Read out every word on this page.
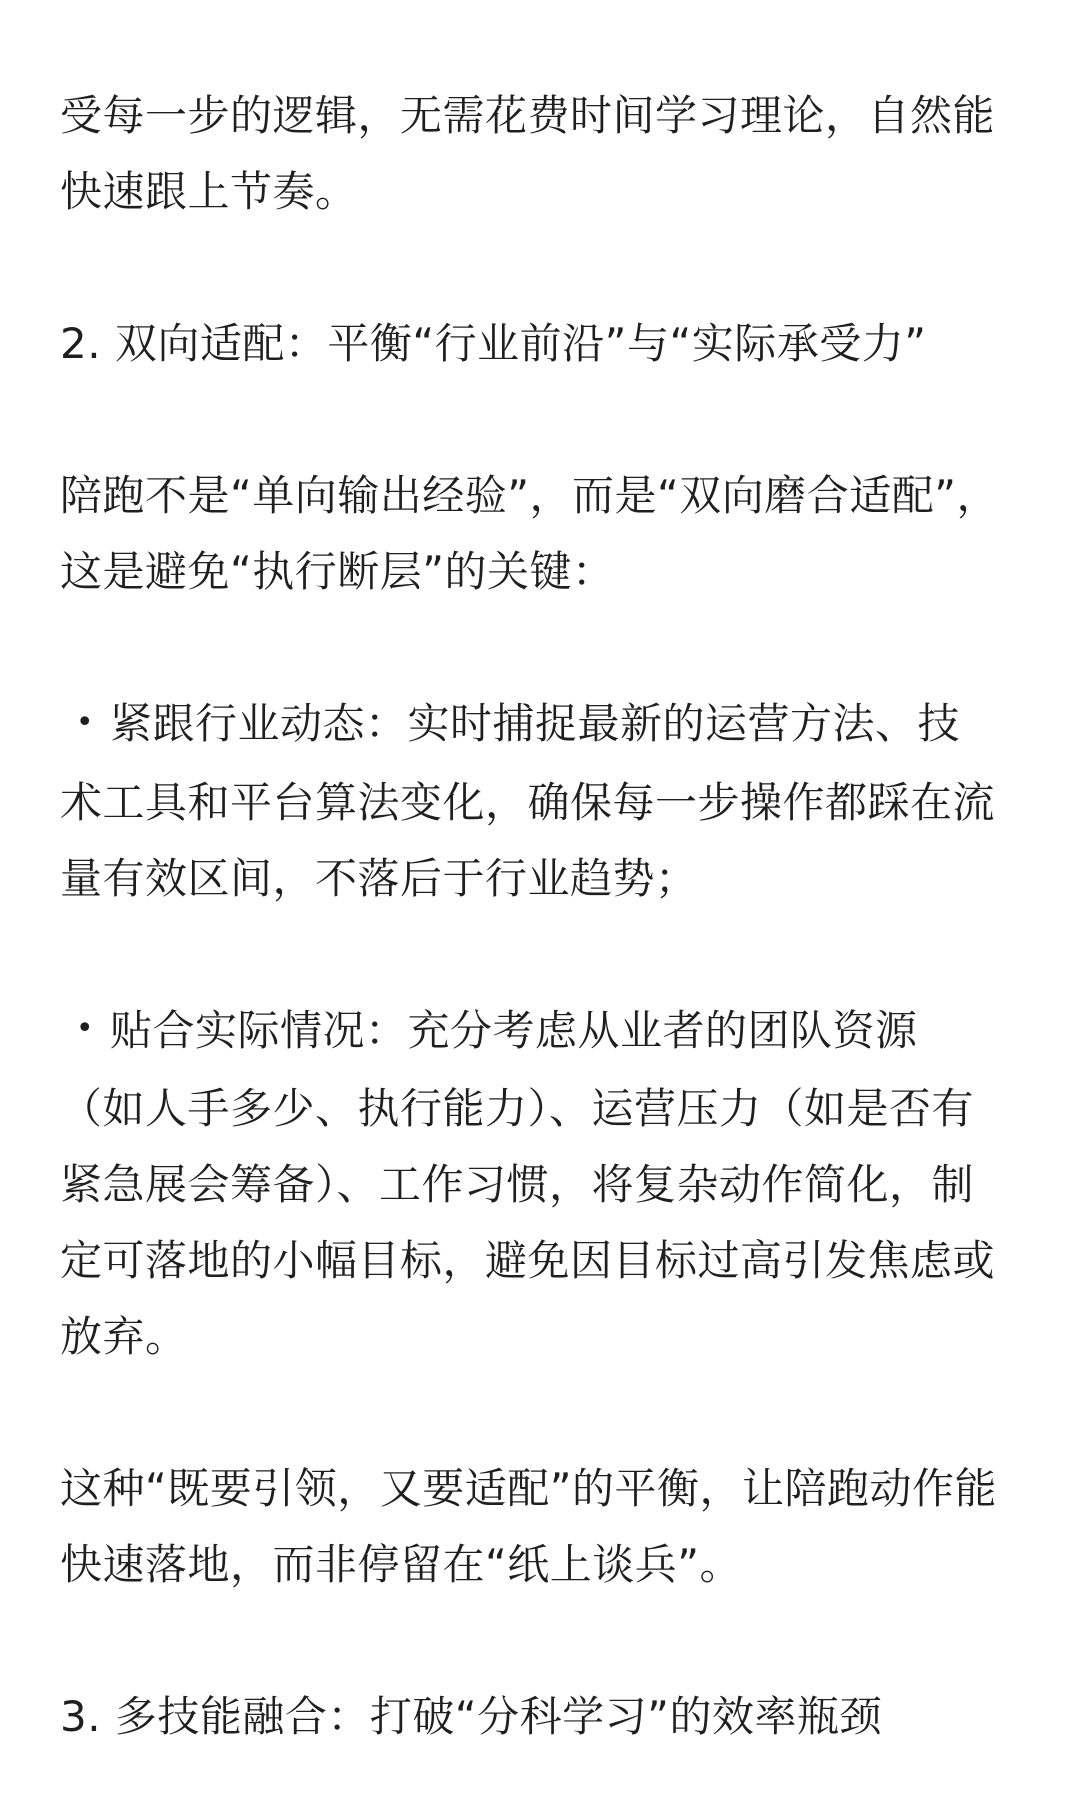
受每一步的逻辑，无需花费时间学习理论，自然能
快速跟上节奏。

2. 双向适配：平衡“行业前沿”与“实际承受力”

陪跑不是“单向输出经验”，而是“双向磨合适配”，
这是避免“执行断层”的关键：

• 紧跟行业动态：实时捕捉最新的运营方法、技
术工具和平台算法变化，确保每一步操作都踩在流
量有效区间，不落后于行业趋势；

• 贴合实际情况：充分考虑从业者的团队资源
（如人手多少、执行能力）、运营压力（如是否有
紧急展会筹备）、工作习惯，将复杂动作简化，制
定可落地的小幅目标，避免因目标过高引发焦虑或
放弃。

这种“既要引领，又要适配”的平衡，让陪跑动作能
快速落地，而非停留在“纸上谈兵”。

3. 多技能融合：打破“分科学习”的效率瓶颈
